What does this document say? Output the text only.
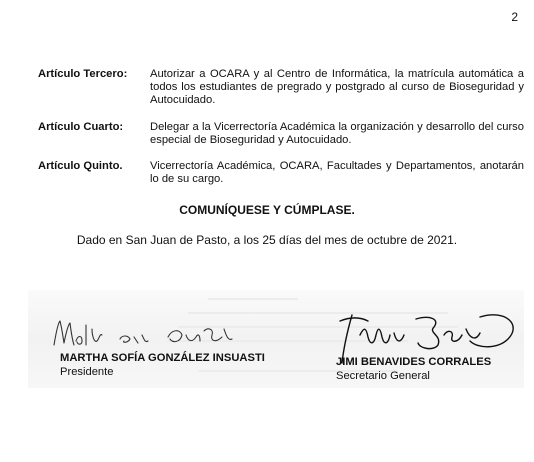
2
Artículo Tercero:	Autorizar a OCARA y al Centro de Informática, la matrícula automática a todos los estudiantes de pregrado y postgrado al curso de Bioseguridad y Autocuidado.
Artículo Cuarto:	Delegar a la Vicerrectoría Académica la organización y desarrollo del curso especial de Bioseguridad y Autocuidado.
Artículo Quinto.	Vicerrectoría Académica, OCARA, Facultades y Departamentos, anotarán lo de su cargo.
COMUNÍQUESE Y CÚMPLASE.
Dado en San Juan de Pasto, a los 25 días del mes de octubre de 2021.
MARTHA SOFÍA GONZÁLEZ INSUASTI
Presidente
JIMI BENAVIDES CORRALES
Secretario General
